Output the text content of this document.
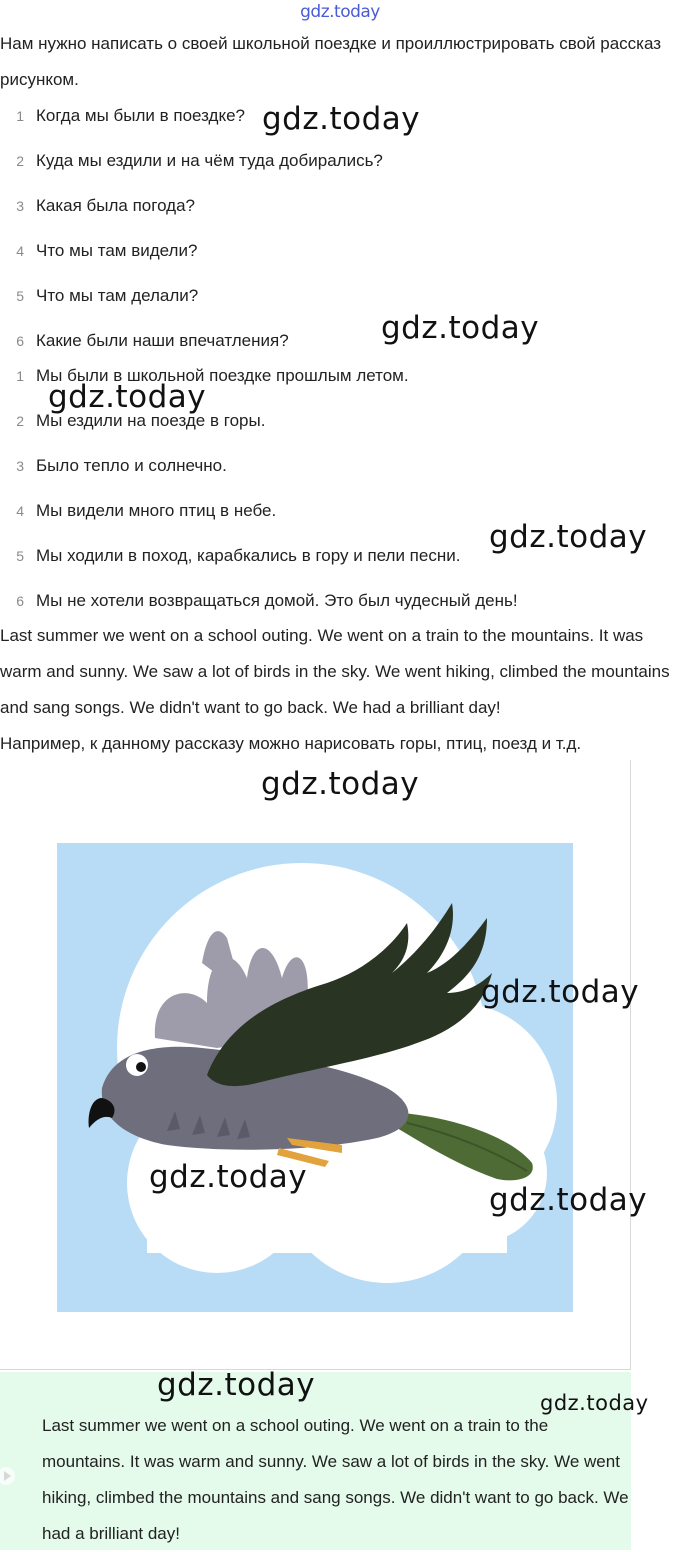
gdz.today
Нам нужно написать о своей школьной поездке и проиллюстрировать свой рассказ рисунком.
1 Когда мы были в поездке?
2 Куда мы ездили и на чём туда добирались?
3 Какая была погода?
4 Что мы там видели?
5 Что мы там делали?
6 Какие были наши впечатления?
1 Мы были в школьной поездке прошлым летом.
2 Мы ездили на поезде в горы.
3 Было тепло и солнечно.
4 Мы видели много птиц в небе.
5 Мы ходили в поход, карабкались в гору и пели песни.
6 Мы не хотели возвращаться домой. Это был чудесный день!
Last summer we went on a school outing. We went on a train to the mountains. It was warm and sunny. We saw a lot of birds in the sky. We went hiking, climbed the mountains and sang songs. We didn't want to go back. We had a brilliant day!
Например, к данному рассказу можно нарисовать горы, птиц, поезд и т.д.
Last summer we went on a school outing. We went on a train to the mountains. It was warm and sunny. We saw a lot of birds in the sky. We went hiking, climbed the mountains and sang songs. We didn't want to go back. We had a brilliant day!
gdz.today
gdz.today
gdz.today
gdz.today
gdz.today
gdz.today
gdz.today
gdz.today
gdz.today	gdz.today
